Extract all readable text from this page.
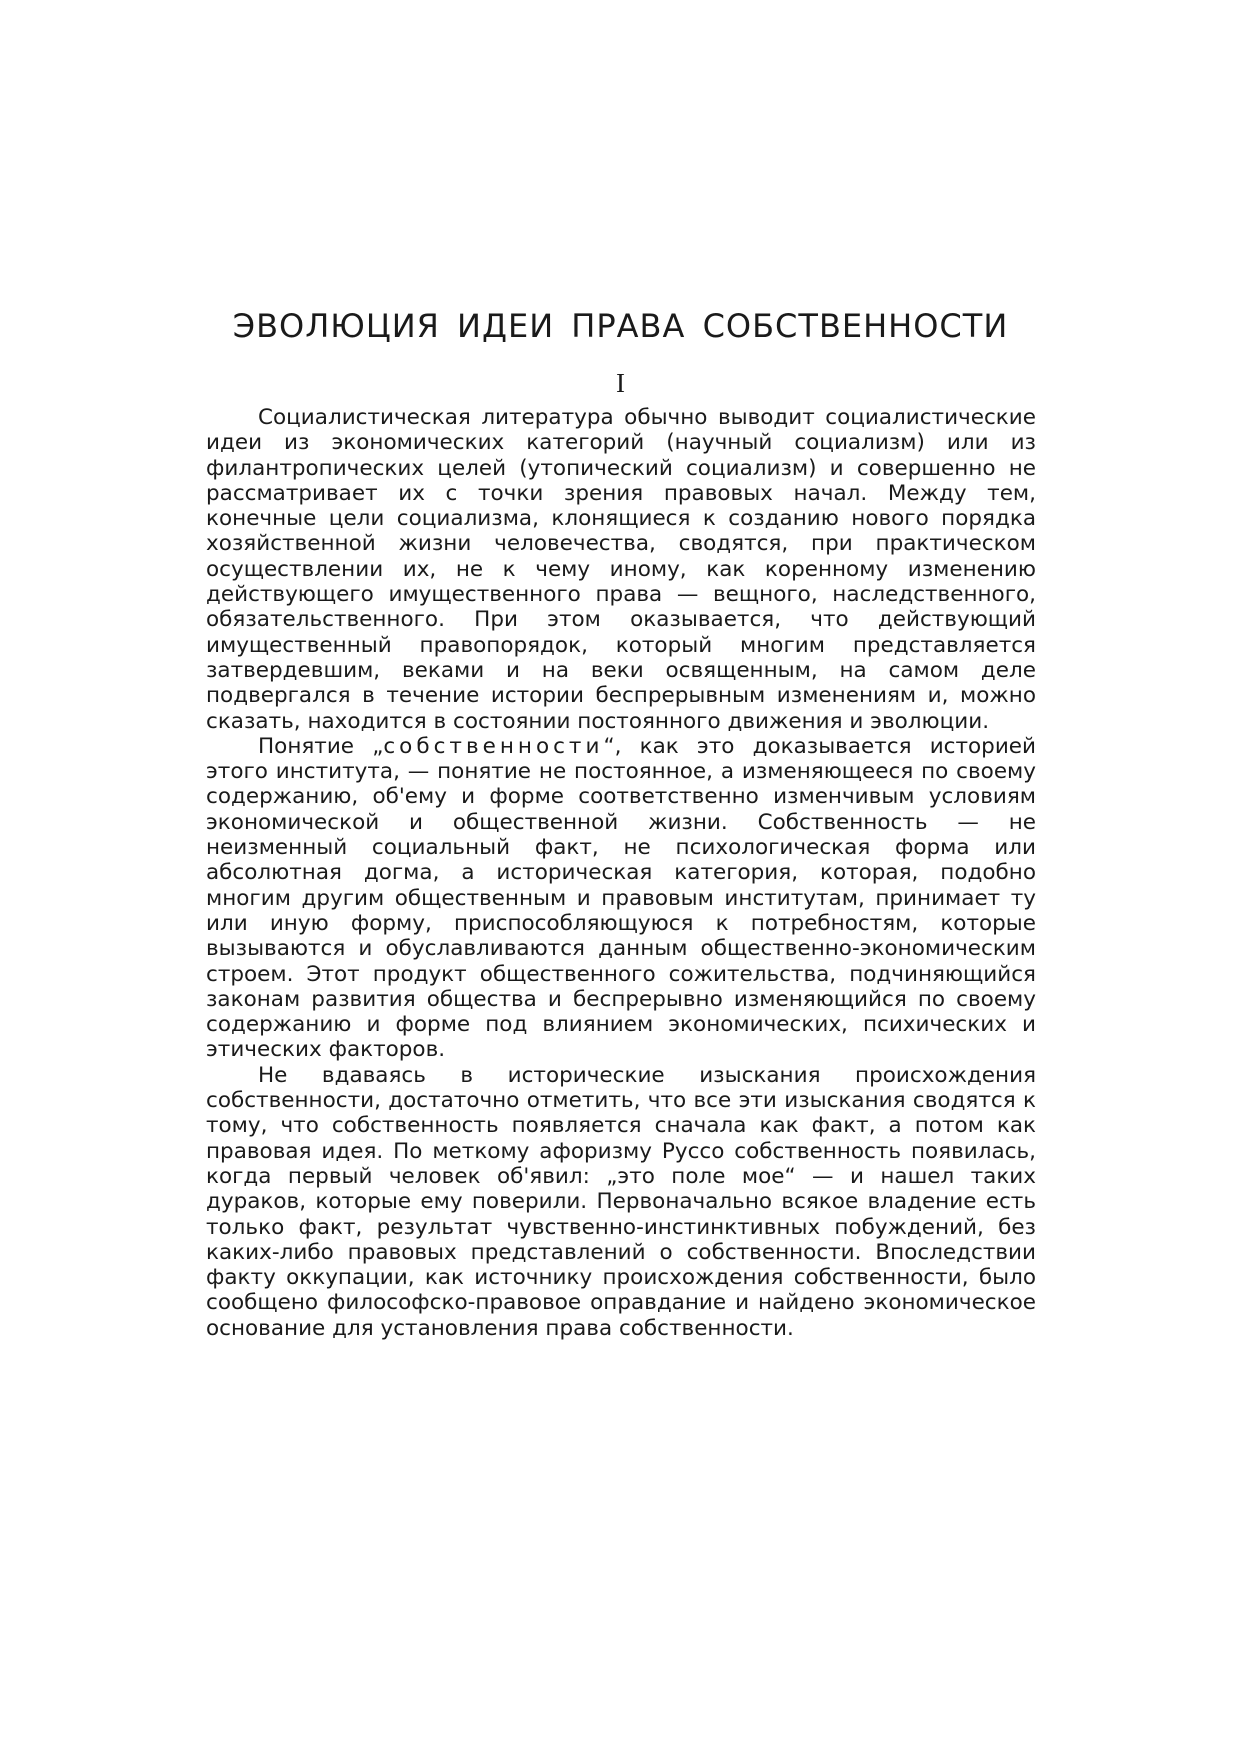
ЭВОЛЮЦИЯ ИДЕИ ПРАВА СОБСТВЕННОСТИ
I

Социалистическая литература обычно выводит социалистические идеи из экономических категорий (научный социализм) или из филантропических целей (утопический социализм) и совершенно не рассматривает их с точки зрения правовых начал. Между тем, конечные цели социализма, клонящиеся к созданию нового порядка хозяйственной жизни человечества, сводятся, при практическом осуществлении их, не к чему иному, как коренному изменению действующего имущественного права — вещного, наследственного, обязательственного. При этом оказывается, что действующий имущественный правопорядок, который многим представляется затвердевшим, веками и на веки освященным, на самом деле подвергался в течение истории беспрерывным изменениям и, можно сказать, находится в состоянии постоянного движения и эволюции.

Понятие „собственности“, как это доказывается историей этого института, — понятие не постоянное, а изменяющееся по своему содержанию, об'ему и форме соответственно изменчивым условиям экономической и общественной жизни. Собственность — не неизменный социальный факт, не психологическая форма или абсолютная догма, а историческая категория, которая, подобно многим другим общественным и правовым институтам, принимает ту или иную форму, приспособляющуюся к потребностям, которые вызываются и обуславливаются данным общественно-экономическим строем. Этот продукт общественного сожительства, подчиняющийся законам развития общества и беспрерывно изменяющийся по своему содержанию и форме под влиянием экономических, психических и этических факторов.

Не вдаваясь в исторические изыскания происхождения собственности, достаточно отметить, что все эти изыскания сводятся к тому, что собственность появляется сначала как факт, а потом как правовая идея. По меткому афоризму Руссо собственность появилась, когда первый человек об'явил: „это поле мое“ — и нашел таких дураков, которые ему поверили. Первоначально всякое владение есть только факт, результат чувственно-инстинктивных побуждений, без каких-либо правовых представлений о собственности. Впоследствии факту оккупации, как источнику происхождения собственности, было сообщено философско-правовое оправдание и найдено экономическое основание для установления права собственности.
